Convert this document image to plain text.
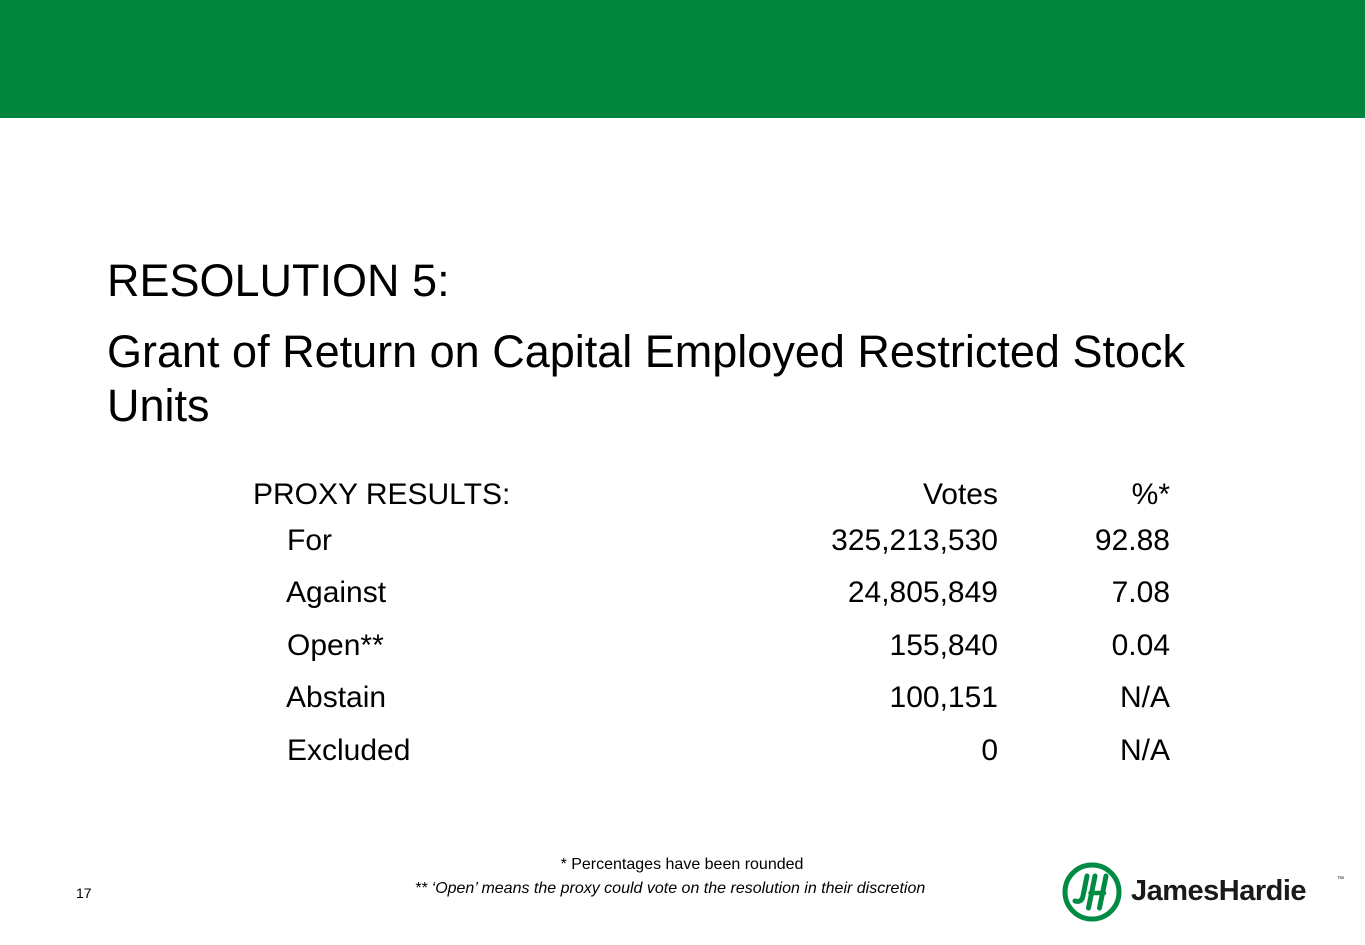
RESOLUTION 5:
Grant of Return on Capital Employed Restricted Stock Units
PROXY RESULTS:	Votes	%*
For	325,213,530	92.88
Against	24,805,849	7.08
Open**	155,840	0.04
Abstain	100,151	N/A
Excluded	0	N/A
* Percentages have been rounded
** ‘Open’ means the proxy could vote on the resolution in their discretion
17	JamesHardie	™
